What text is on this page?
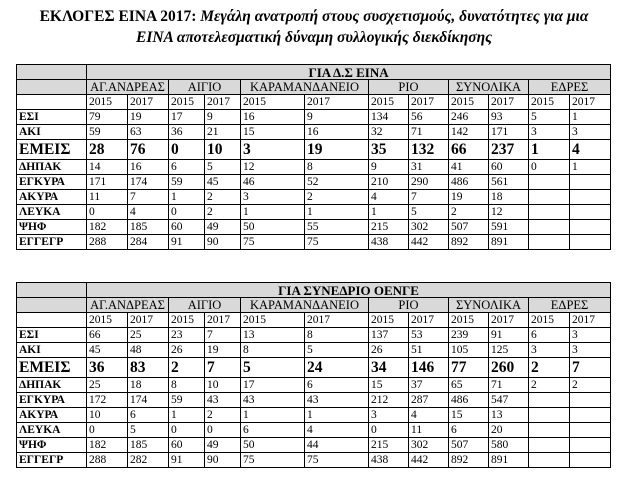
ΕΚΛΟΓΕΣ ΕΙΝΑ 2017: Μεγάλη ανατροπή στους συσχετισμούς, δυνατότητες για μια
ΕΙΝΑ αποτελεσματική δύναμη συλλογικής διεκδίκησης
	ΓΙΑ Δ.Σ ΕΙΝΑ											
	ΑΓ.ΑΝΔΡΕΑΣ		ΑΙΓΙΟ		ΚΑΡΑΜΑΝΔΑΝΕΙΟ		ΡΙΟ		ΣΥΝΟΛΙΚΑ		ΕΔΡΕΣ	
	2015	2017	2015	2017	2015	2017	2015	2017	2015	2017	2015	2017
ΕΣΙ	79	19	17	9	16	9	134	56	246	93	5	1
ΑΚΙ	59	63	36	21	15	16	32	71	142	171	3	3
ΕΜΕΙΣ	28	76	0	10	3	19	35	132	66	237	1	4
ΔΗΠΑΚ	14	16	6	5	12	8	9	31	41	60	0	1
ΕΓΚΥΡΑ	171	174	59	45	46	52	210	290	486	561		
ΑΚΥΡΑ	11	7	1	2	3	2	4	7	19	18		
ΛΕΥΚΑ	0	4	0	2	1	1	1	5	2	12		
ΨΗΦ	182	185	60	49	50	55	215	302	507	591		
ΕΓΓΕΓΡ	288	284	91	90	75	75	438	442	892	891		
	ΓΙΑ ΣΥΝΕΔΡΙΟ ΟΕΝΓΕ											
	ΑΓ.ΑΝΔΡΕΑΣ		ΑΙΓΙΟ		ΚΑΡΑΜΑΝΔΑΝΕΙΟ		ΡΙΟ		ΣΥΝΟΛΙΚΑ		ΕΔΡΕΣ	
	2015	2017	2015	2017	2015	2017	2015	2017	2015	2017	2015	2017
ΕΣΙ	66	25	23	7	13	8	137	53	239	91	6	3
ΑΚΙ	45	48	26	19	8	5	26	51	105	125	3	3
ΕΜΕΙΣ	36	83	2	7	5	24	34	146	77	260	2	7
ΔΗΠΑΚ	25	18	8	10	17	6	15	37	65	71	2	2
ΕΓΚΥΡΑ	172	174	59	43	43	43	212	287	486	547		
ΑΚΥΡΑ	10	6	1	2	1	1	3	4	15	13		
ΛΕΥΚΑ	0	5	0	0	6	4	0	11	6	20		
ΨΗΦ	182	185	60	49	50	44	215	302	507	580		
ΕΓΓΕΓΡ	288	282	91	90	75	75	438	442	892	891		
